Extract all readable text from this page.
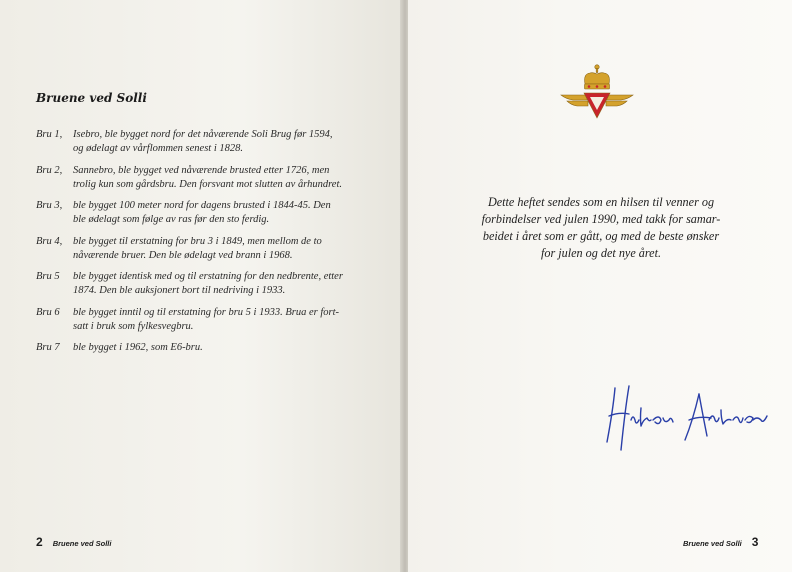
Bruene ved Solli
Bru 1,	Isebro, ble bygget nord for det nåværende Soli Brug før 1594,
og ødelagt av vårflommen senest i 1828.
Bru 2,	Sannebro, ble bygget ved nåværende brusted etter 1726, men
trolig kun som gårdsbru. Den forsvant mot slutten av århundret.
Bru 3,	ble bygget 100 meter nord for dagens brusted i 1844-45. Den
ble ødelagt som følge av ras før den sto ferdig.
Bru 4,	ble bygget til erstatning for bru 3 i 1849, men mellom de to
nåværende bruer. Den ble ødelagt ved brann i 1968.
Bru 5	ble bygget identisk med og til erstatning for den nedbrente, etter
1874. Den ble auksjonert bort til nedriving i 1933.
Bru 6	ble bygget inntil og til erstatning for bru 5 i 1933. Brua er fort-
satt i bruk som fylkesvegbru.
Bru 7	ble bygget i 1962, som E6-bru.
2 Bruene ved Solli
Dette heftet sendes som en hilsen til venner og
forbindelser ved julen 1990, med takk for samar-
beidet i året som er gått, og med de beste ønsker
for julen og det nye året.
Bruene ved Solli 3
